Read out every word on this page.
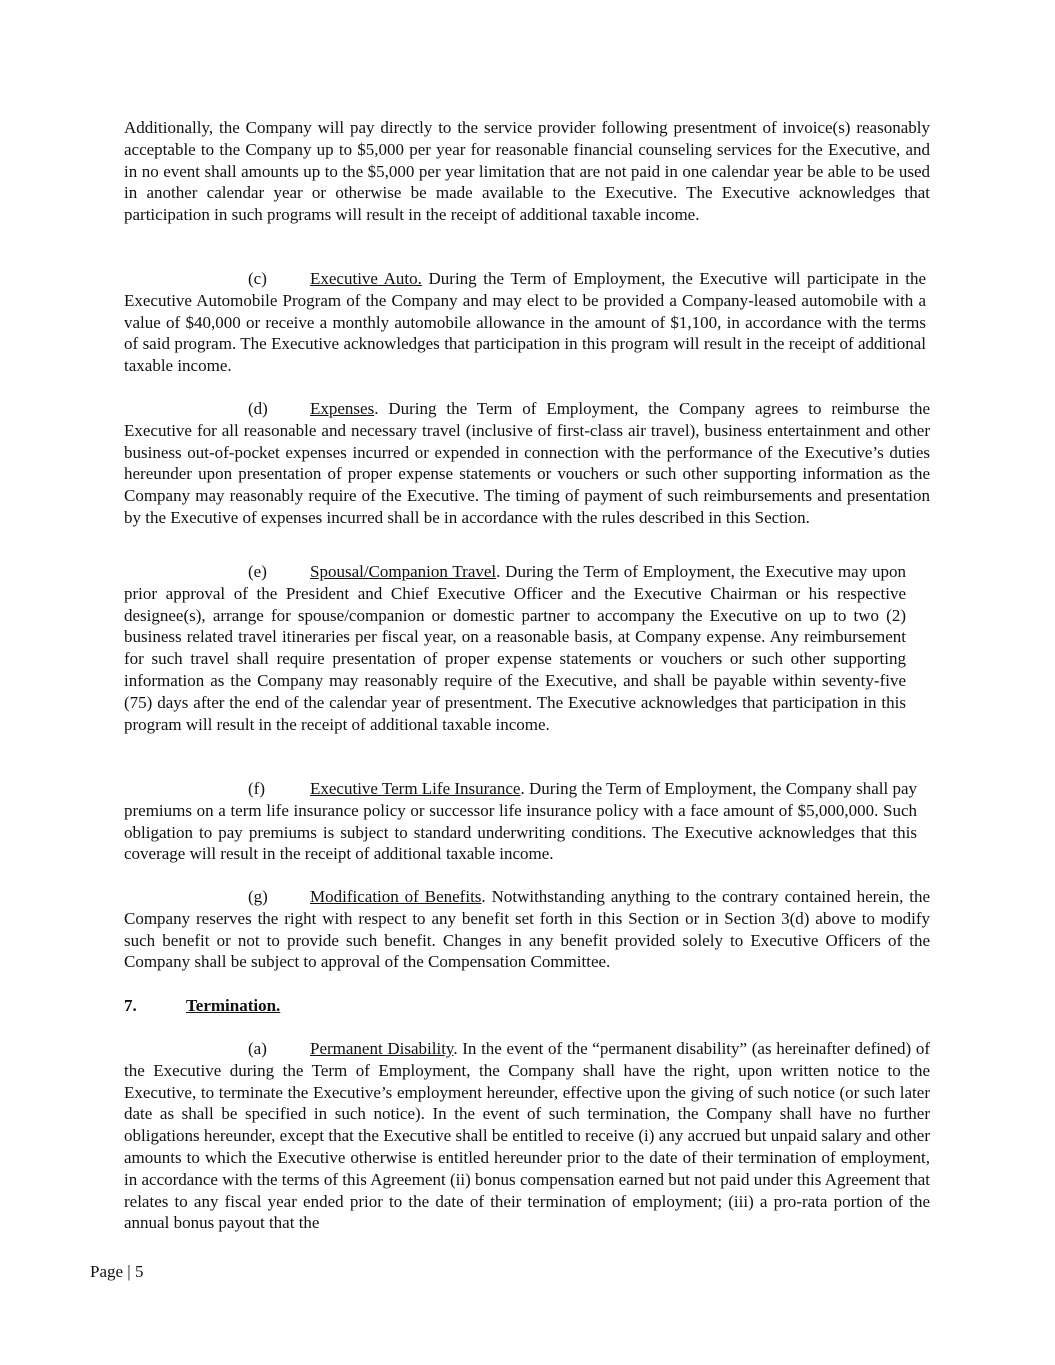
Additionally, the Company will pay directly to the service provider following presentment of invoice(s) reasonably acceptable to the Company up to $5,000 per year for reasonable financial counseling services for the Executive, and in no event shall amounts up to the $5,000 per year limitation that are not paid in one calendar year be able to be used in another calendar year or otherwise be made available to the Executive. The Executive acknowledges that participation in such programs will result in the receipt of additional taxable income.

(c)	Executive Auto. During the Term of Employment, the Executive will participate in the Executive Automobile Program of the Company and may elect to be provided a Company-leased automobile with a value of $40,000 or receive a monthly automobile allowance in the amount of $1,100, in accordance with the terms of said program. The Executive acknowledges that participation in this program will result in the receipt of additional taxable income.

(d) Expenses. During the Term of Employment, the Company agrees to reimburse the Executive for all reasonable and necessary travel (inclusive of first-class air travel), business entertainment and other business out-of-pocket expenses incurred or expended in connection with the performance of the Executive’s duties hereunder upon presentation of proper expense statements or vouchers or such other supporting information as the Company may reasonably require of the Executive. The timing of payment of such reimbursements and presentation by the Executive of expenses incurred shall be in accordance with the rules described in this Section.

(e)	Spousal/Companion Travel. During the Term of Employment, the Executive may upon prior approval of the President and Chief Executive Officer and the Executive Chairman or his respective designee(s), arrange for spouse/companion or domestic partner to accompany the Executive on up to two (2) business related travel itineraries per fiscal year, on a reasonable basis, at Company expense. Any reimbursement for such travel shall require presentation of proper expense statements or vouchers or such other supporting information as the Company may reasonably require of the Executive, and shall be payable within seventy-five (75) days after the end of the calendar year of presentment. The Executive acknowledges that participation in this program will result in the receipt of additional taxable income.

(f)	Executive Term Life Insurance. During the Term of Employment, the Company shall pay premiums on a term life insurance policy or successor life insurance policy with a face amount of $5,000,000. Such obligation to pay premiums is subject to standard underwriting conditions. The Executive acknowledges that this coverage will result in the receipt of additional taxable income.

(g) Modification of Benefits. Notwithstanding anything to the contrary contained herein, the Company reserves the right with respect to any benefit set forth in this Section or in Section 3(d) above to modify such benefit or not to provide such benefit. Changes in any benefit provided solely to Executive Officers of the Company shall be subject to approval of the Compensation Committee.

7.	Termination.

(a)	Permanent Disability. In the event of the “permanent disability” (as hereinafter defined) of the Executive during the Term of Employment, the Company shall have the right, upon written notice to the Executive, to terminate the Executive’s employment hereunder, effective upon the giving of such notice (or such later date as shall be specified in such notice). In the event of such termination, the Company shall have no further obligations hereunder, except that the Executive shall be entitled to receive (i) any accrued but unpaid salary and other amounts to which the Executive otherwise is entitled hereunder prior to the date of their termination of employment, in accordance with the terms of this Agreement (ii) bonus compensation earned but not paid under this Agreement that relates to any fiscal year ended prior to the date of their termination of employment; (iii) a pro-rata portion of the annual bonus payout that the

Page | 5
